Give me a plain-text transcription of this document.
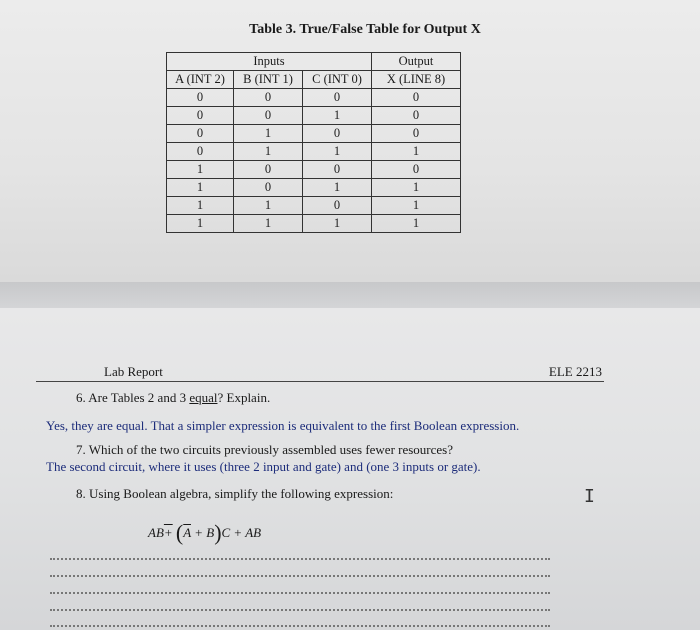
Table 3. True/False Table for Output X
Inputs			Output
A (INT 2)	B (INT 1)	C (INT 0)	X (LINE 8)
0	0	0	0
0	0	1	0
0	1	0	0
0	1	1	1
1	0	0	0
1	0	1	1
1	1	0	1
1	1	1	1
Lab Report	ELE 2213
6. Are Tables 2 and 3 equal? Explain.
Yes, they are equal. That a simpler expression is equivalent to the first Boolean expression.
7. Which of the two circuits previously assembled uses fewer resources?
The second circuit, where it uses (three 2 input and gate) and (one 3 inputs or gate).
8. Using Boolean algebra, simplify the following expression:	I
$AB+ (\overline{A} + B)C$ + AB
